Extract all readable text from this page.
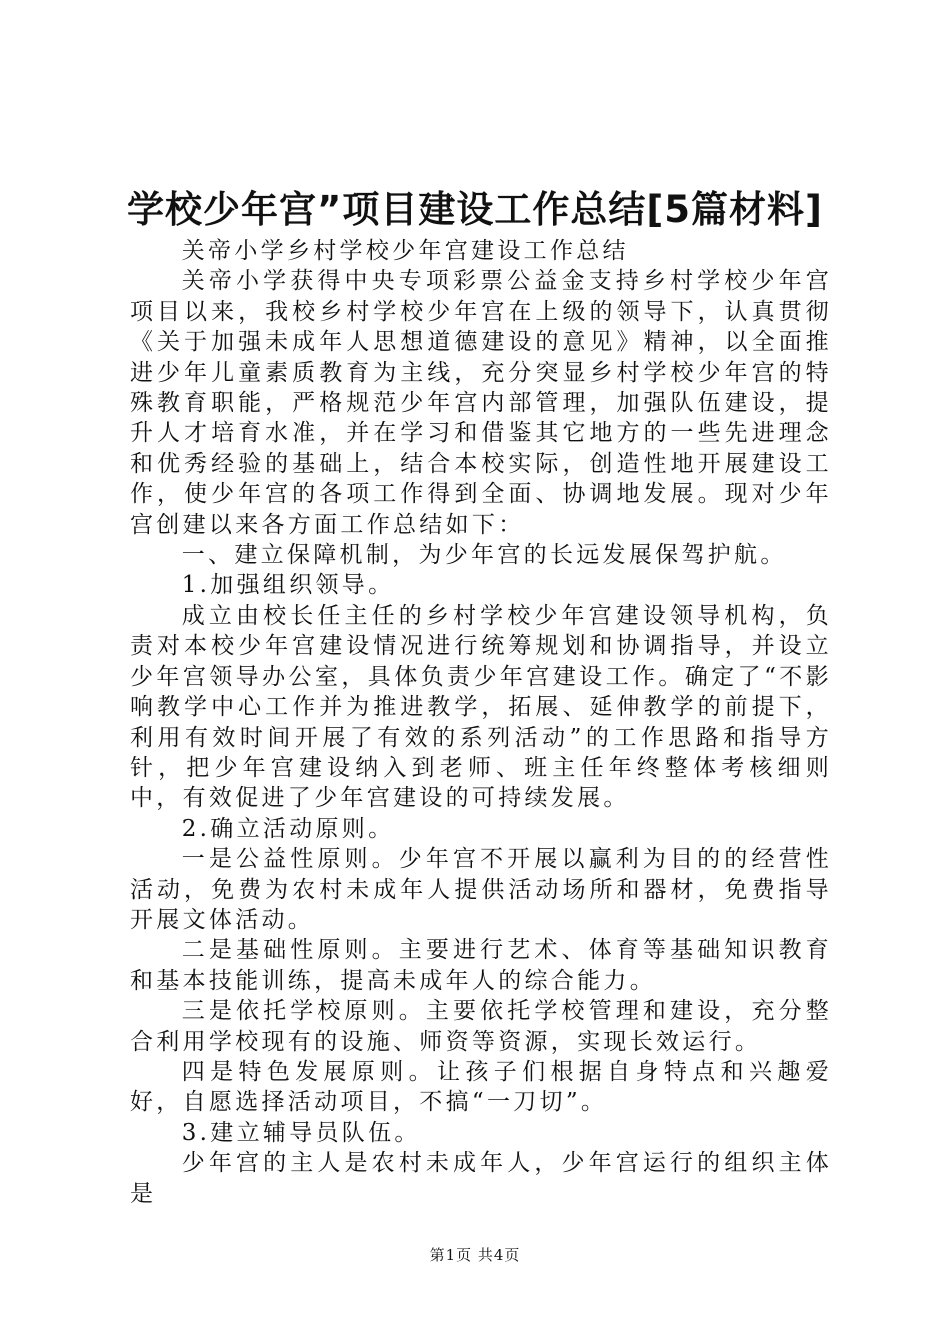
学校少年宫”项目建设工作总结[5篇材料]

关帝小学乡村学校少年宫建设工作总结

关帝小学获得中央专项彩票公益金支持乡村学校少年宫项目以来，我校乡村学校少年宫在上级的领导下，认真贯彻《关于加强未成年人思想道德建设的意见》精神，以全面推进少年儿童素质教育为主线，充分突显乡村学校少年宫的特殊教育职能，严格规范少年宫内部管理，加强队伍建设，提升人才培育水准，并在学习和借鉴其它地方的一些先进理念和优秀经验的基础上，结合本校实际，创造性地开展建设工作，使少年宫的各项工作得到全面、协调地发展。现对少年宫创建以来各方面工作总结如下：

一、建立保障机制，为少年宫的长远发展保驾护航。

1.加强组织领导。

成立由校长任主任的乡村学校少年宫建设领导机构，负责对本校少年宫建设情况进行统筹规划和协调指导，并设立少年宫领导办公室，具体负责少年宫建设工作。确定了“不影响教学中心工作并为推进教学，拓展、延伸教学的前提下，利用有效时间开展了有效的系列活动”的工作思路和指导方针，把少年宫建设纳入到老师、班主任年终整体考核细则中，有效促进了少年宫建设的可持续发展。

2.确立活动原则。

一是公益性原则。少年宫不开展以赢利为目的的经营性活动，免费为农村未成年人提供活动场所和器材，免费指导开展文体活动。

二是基础性原则。主要进行艺术、体育等基础知识教育和基本技能训练，提高未成年人的综合能力。

三是依托学校原则。主要依托学校管理和建设，充分整合利用学校现有的设施、师资等资源，实现长效运行。

四是特色发展原则。让孩子们根据自身特点和兴趣爱好，自愿选择活动项目，不搞“一刀切”。

3.建立辅导员队伍。

少年宫的主人是农村未成年人，少年宫运行的组织主体是

第1页 共4页
